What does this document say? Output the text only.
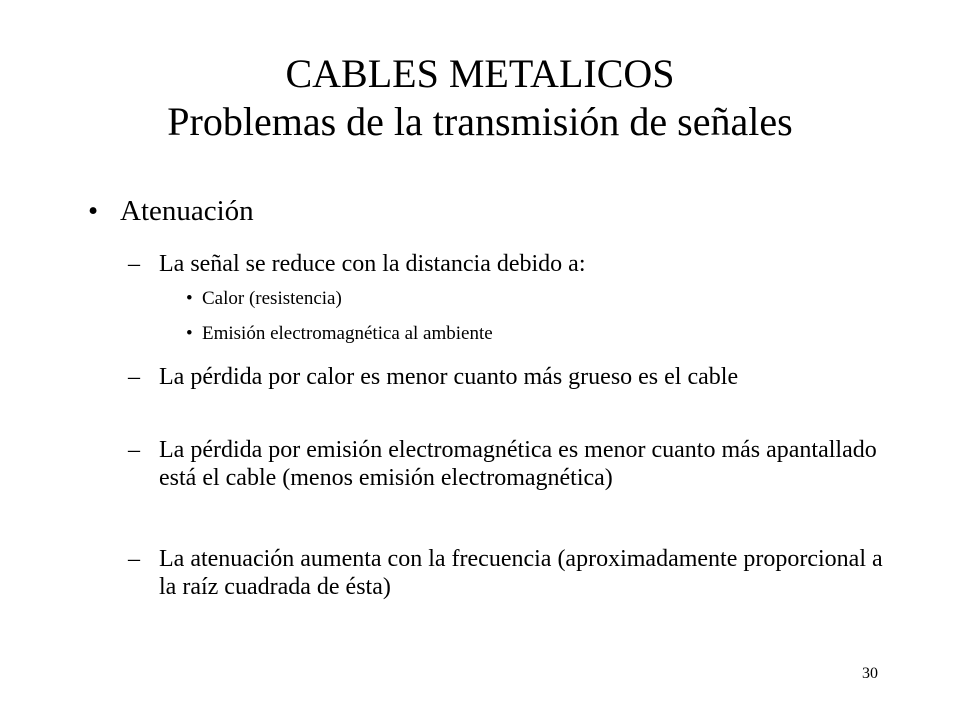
CABLES METALICOS
Problemas de la transmisión de señales
• Atenuación
– La señal se reduce con la distancia debido a:
• Calor (resistencia)
• Emisión electromagnética al ambiente
– La pérdida por calor es menor cuanto más grueso es el cable
– La pérdida por emisión electromagnética es menor cuanto más apantallado está el cable (menos emisión electromagnética)
– La atenuación aumenta con la frecuencia (aproximadamente proporcional a la raíz cuadrada de ésta)
30
